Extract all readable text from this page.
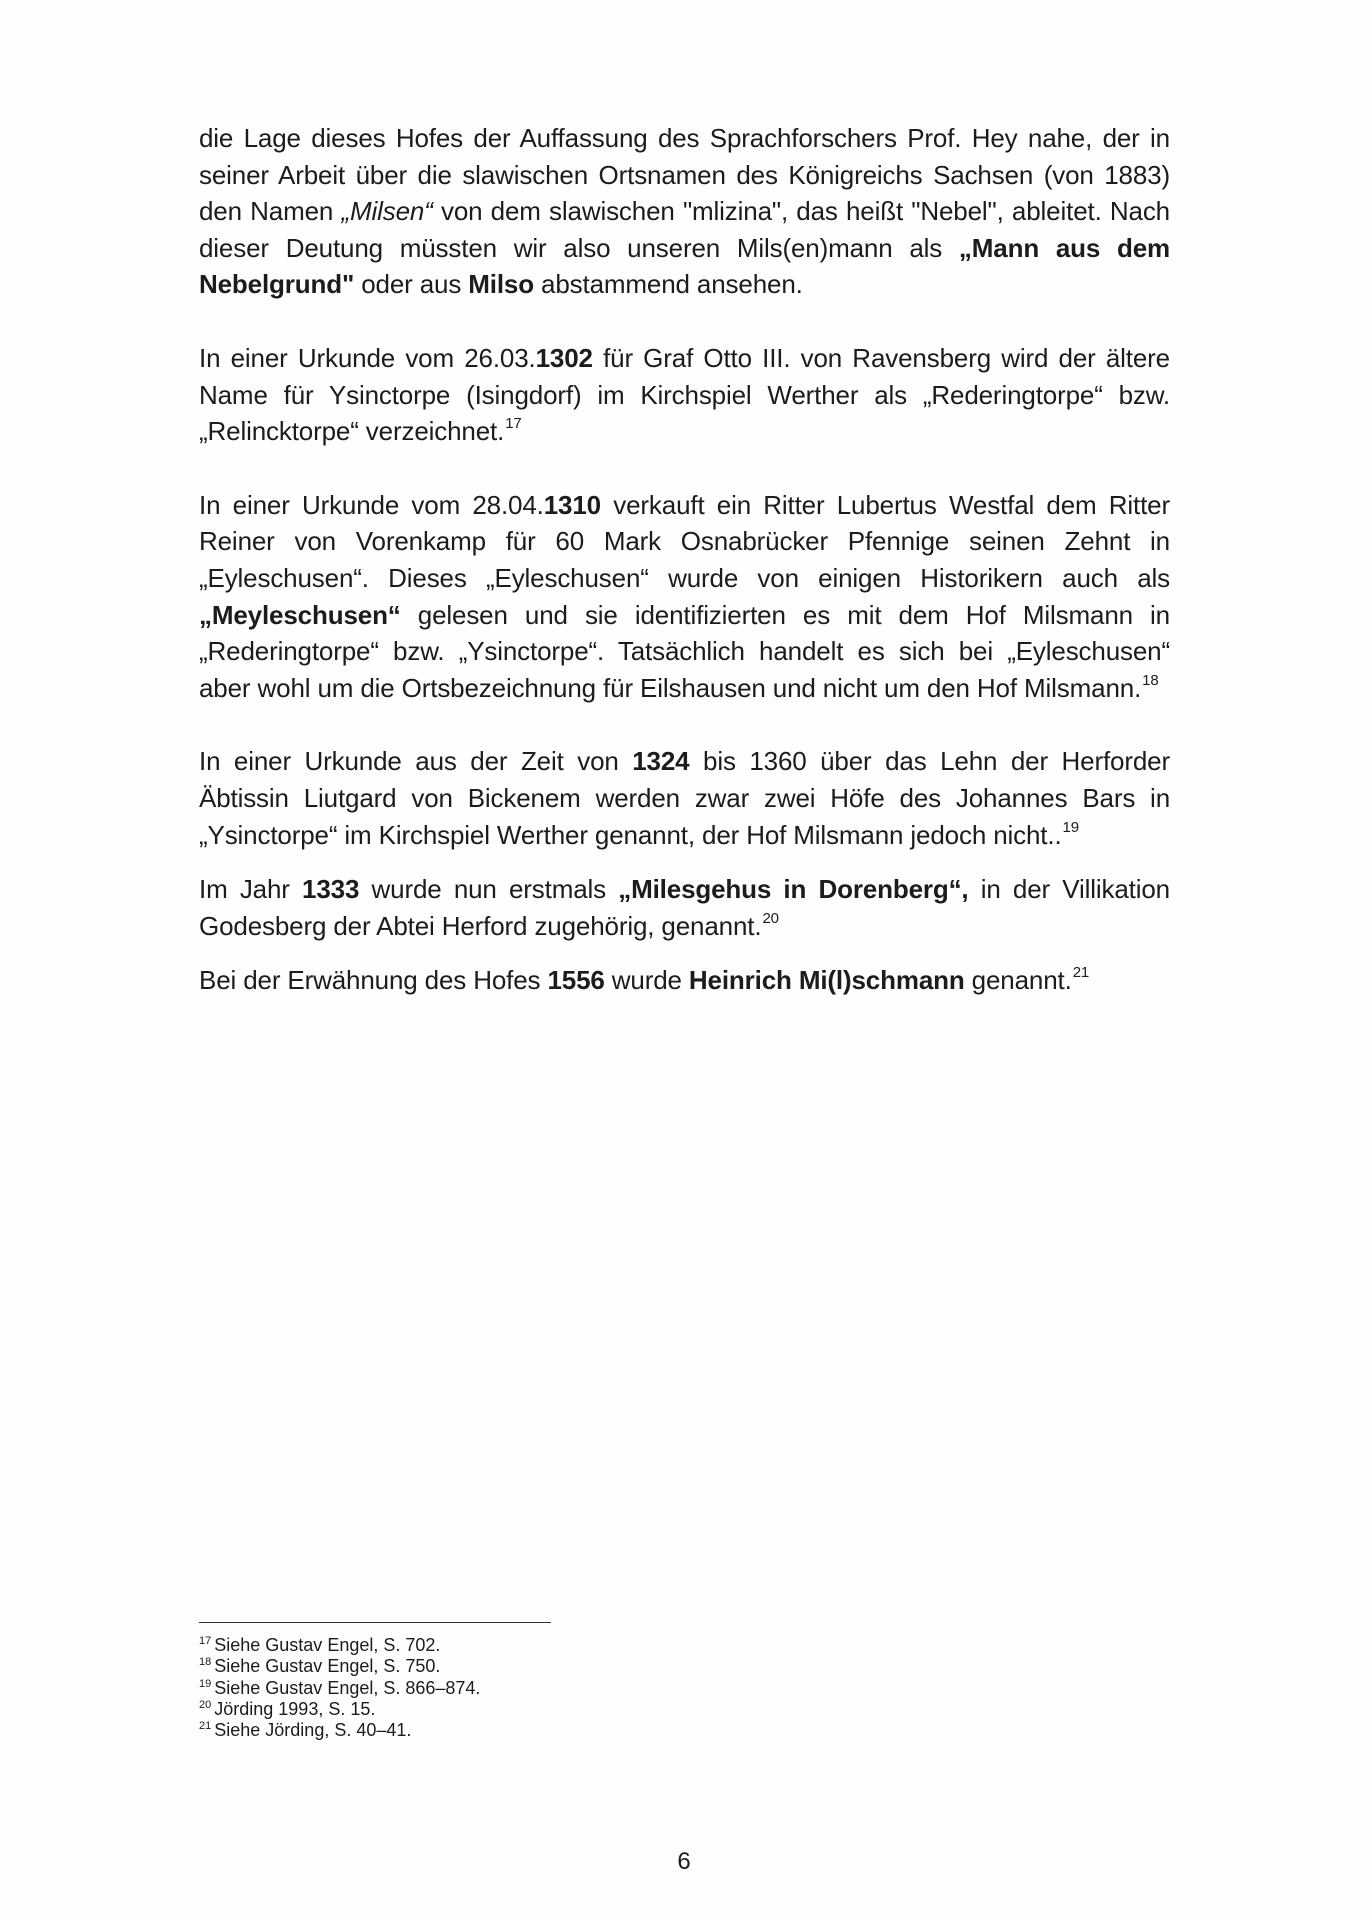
die Lage dieses Hofes der Auffassung des Sprachforschers Prof. Hey nahe, der in seiner Arbeit über die slawischen Ortsnamen des Königreichs Sachsen (von 1883) den Namen „Milsen“ von dem slawischen "mlizina", das heißt "Nebel", ableitet. Nach dieser Deutung müssten wir also unseren Mils(en)mann als „Mann aus dem Nebelgrund" oder aus Milso abstammend ansehen.

In einer Urkunde vom 26.03.1302 für Graf Otto III. von Ravensberg wird der ältere Name für Ysinctorpe (Isingdorf) im Kirchspiel Werther als „Rederingtorpe“ bzw. „Relincktorpe“ verzeichnet.$^{17}$

In einer Urkunde vom 28.04.1310 verkauft ein Ritter Lubertus Westfal dem Ritter Reiner von Vorenkamp für 60 Mark Osnabrücker Pfennige seinen Zehnt in „Eyleschusen“. Dieses „Eyleschusen“ wurde von einigen Historikern auch als „Meyleschusen“ gelesen und sie identifizierten es mit dem Hof Milsmann in „Rederingtorpe“ bzw. „Ysinctorpe“. Tatsächlich handelt es sich bei „Eyleschusen“ aber wohl um die Ortsbezeichnung für Eilshausen und nicht um den Hof Milsmann.$^{18}$

In einer Urkunde aus der Zeit von 1324 bis 1360 über das Lehn der Herforder Äbtissin Liutgard von Bickenem werden zwar zwei Höfe des Johannes Bars in „Ysinctorpe“ im Kirchspiel Werther genannt, der Hof Milsmann jedoch nicht..$^{19}$

Im Jahr 1333 wurde nun erstmals „Milesgehus in Dorenberg“, in der Villikation Godesberg der Abtei Herford zugehörig, genannt.$^{20}$

Bei der Erwähnung des Hofes 1556 wurde Heinrich Mi(l)schmann genannt.$^{21}$

$^{17}$ Siehe Gustav Engel, S. 702.
$^{18}$ Siehe Gustav Engel, S. 750.
$^{19}$ Siehe Gustav Engel, S. 866–874.
$^{20}$ Jörding 1993, S. 15.
$^{21}$ Siehe Jörding, S. 40–41.
6
